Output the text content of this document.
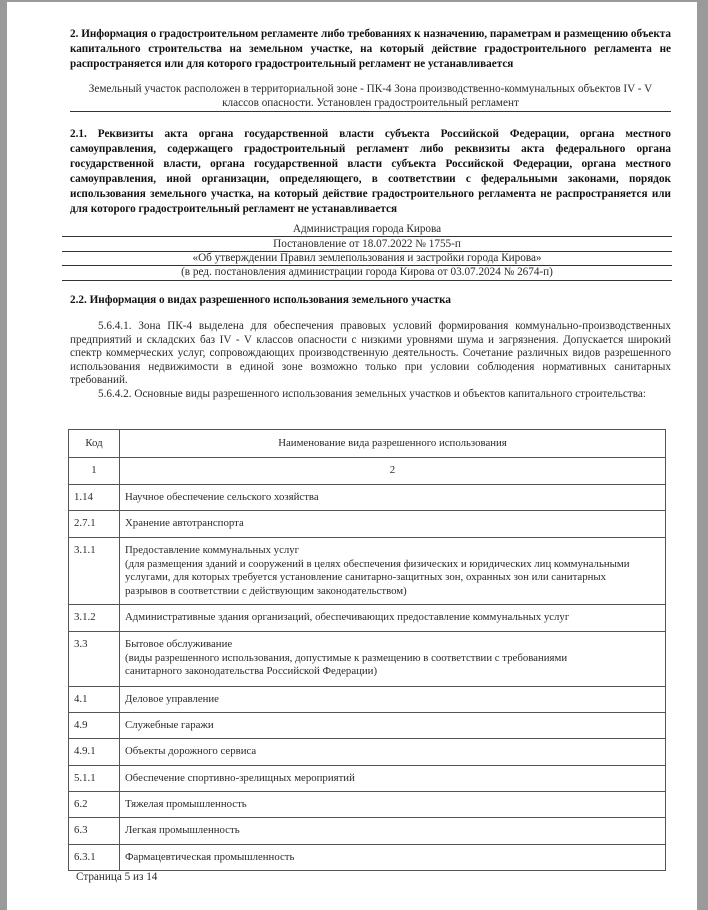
2. Информация о градостроительном регламенте либо требованиях к назначению, параметрам и размещению объекта капитального строительства на земельном участке, на который действие градостроительного регламента не распространяется или для которого градостроительный регламент не устанавливается
Земельный участок расположен в территориальной зоне - ПК-4 Зона производственно-коммунальных объектов IV - V
классов опасности. Установлен градостроительный регламент
2.1. Реквизиты акта органа государственной власти субъекта Российской Федерации, органа местного самоуправления, содержащего градостроительный регламент либо реквизиты акта федерального органа государственной власти, органа государственной власти субъекта Российской Федерации, органа местного самоуправления, иной организации, определяющего, в соответствии с федеральными законами, порядок использования земельного участка, на который действие градостроительного регламента не распространяется или для которого градостроительный регламент не устанавливается
Администрация города Кирова
Постановление от 18.07.2022 № 1755-п
«Об утверждении Правил землепользования и застройки города Кирова»
(в ред. постановления администрации города Кирова от 03.07.2024 № 2674-п)
2.2. Информация о видах разрешенного использования земельного участка
5.6.4.1. Зона ПК-4 выделена для обеспечения правовых условий формирования коммунально-производственных предприятий и складских баз IV - V классов опасности с низкими уровнями шума и загрязнения. Допускается широкий спектр коммерческих услуг, сопровождающих производственную деятельность. Сочетание различных видов разрешенного использования недвижимости в единой зоне возможно только при условии соблюдения нормативных санитарных требований.
5.6.4.2. Основные виды разрешенного использования земельных участков и объектов капитального строительства:
Код	Наименование вида разрешенного использования
1	2
1.14	Научное обеспечение сельского хозяйства
2.7.1	Хранение автотранспорта
3.1.1	Предоставление коммунальных услуг
(для размещения зданий и сооружений в целях обеспечения физических и юридических лиц коммунальными услугами, для которых требуется установление санитарно-защитных зон, охранных зон или санитарных разрывов в соответствии с действующим законодательством)

3.1.2	Административные здания организаций, обеспечивающих предоставление коммунальных услуг
3.3	Бытовое обслуживание
(виды разрешенного использования, допустимые к размещению в соответствии с требованиями санитарного законодательства Российской Федерации)

4.1	Деловое управление
4.9	Служебные гаражи
4.9.1	Объекты дорожного сервиса
5.1.1	Обеспечение спортивно-зрелищных мероприятий
6.2	Тяжелая промышленность
6.3	Легкая промышленность
6.3.1	Фармацевтическая промышленность
Страница 5 из 14
